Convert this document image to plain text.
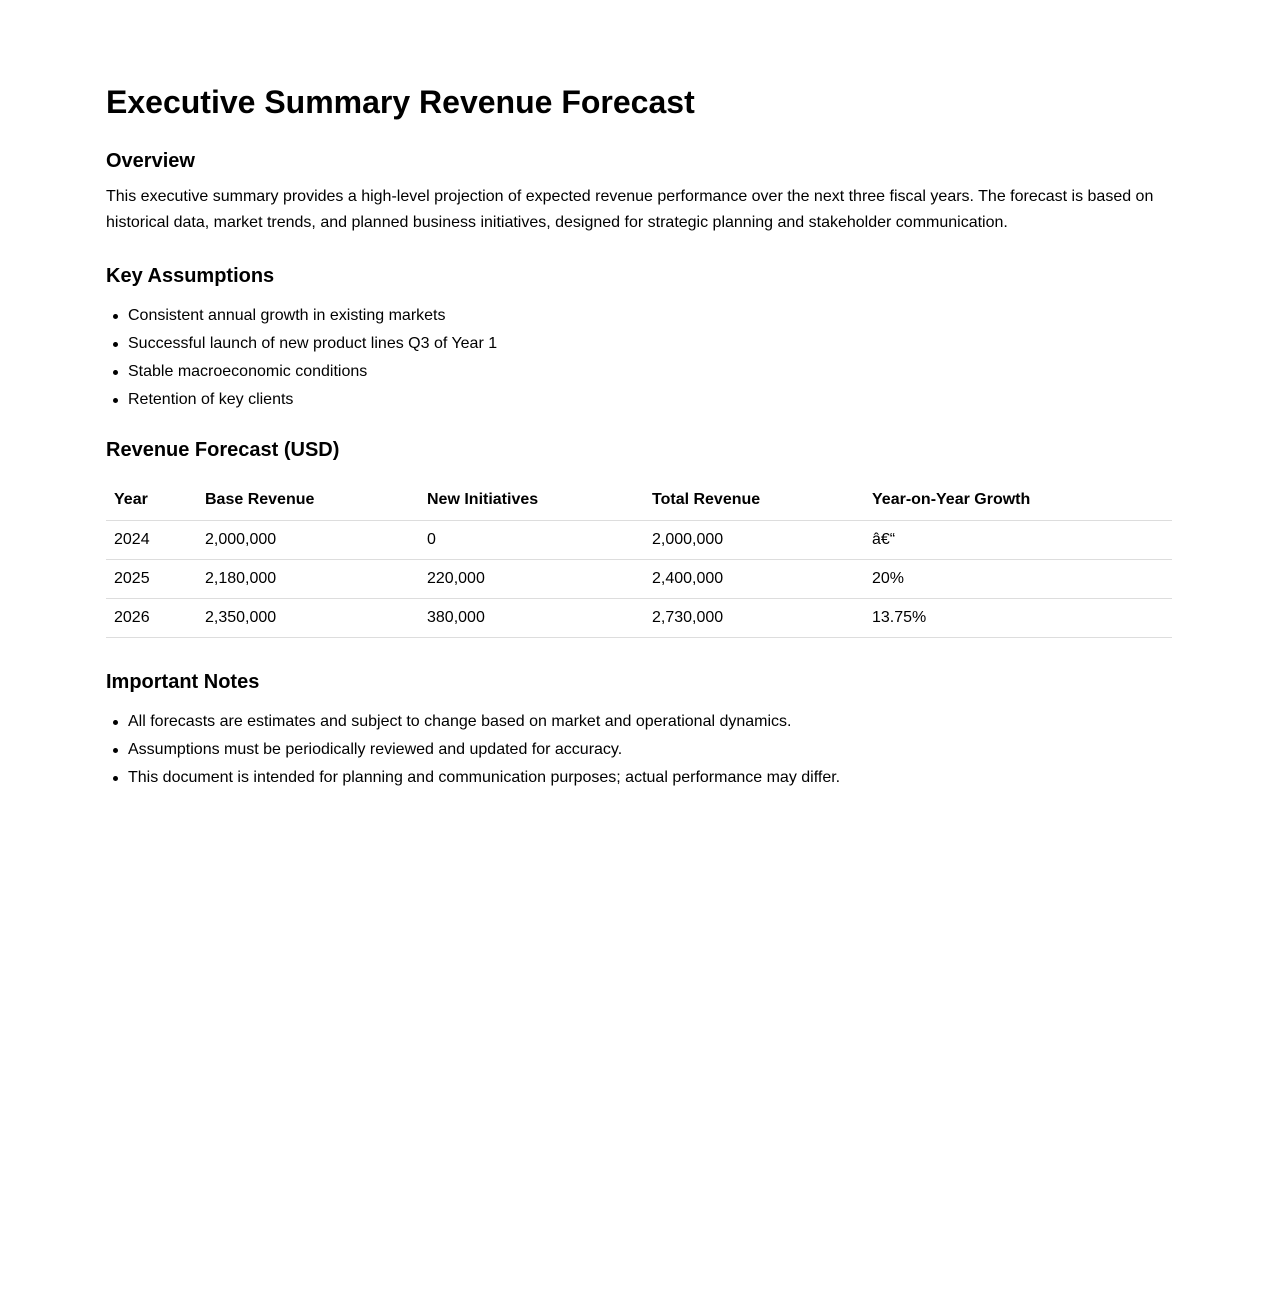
Executive Summary Revenue Forecast
Overview

This executive summary provides a high-level projection of expected revenue performance over the next three fiscal years. The forecast is based on historical data, market trends, and planned business initiatives, designed for strategic planning and stakeholder communication.

Key Assumptions
Consistent annual growth in existing markets
Successful launch of new product lines Q3 of Year 1
Stable macroeconomic conditions
Retention of key clients
Revenue Forecast (USD)
Year	Base Revenue	New Initiatives	Total Revenue	Year-on-Year Growth
2024	2,000,000	0	2,000,000	â€“
2025	2,180,000	220,000	2,400,000	20%
2026	2,350,000	380,000	2,730,000	13.75%
Important Notes
All forecasts are estimates and subject to change based on market and operational dynamics.
Assumptions must be periodically reviewed and updated for accuracy.
This document is intended for planning and communication purposes; actual performance may differ.
